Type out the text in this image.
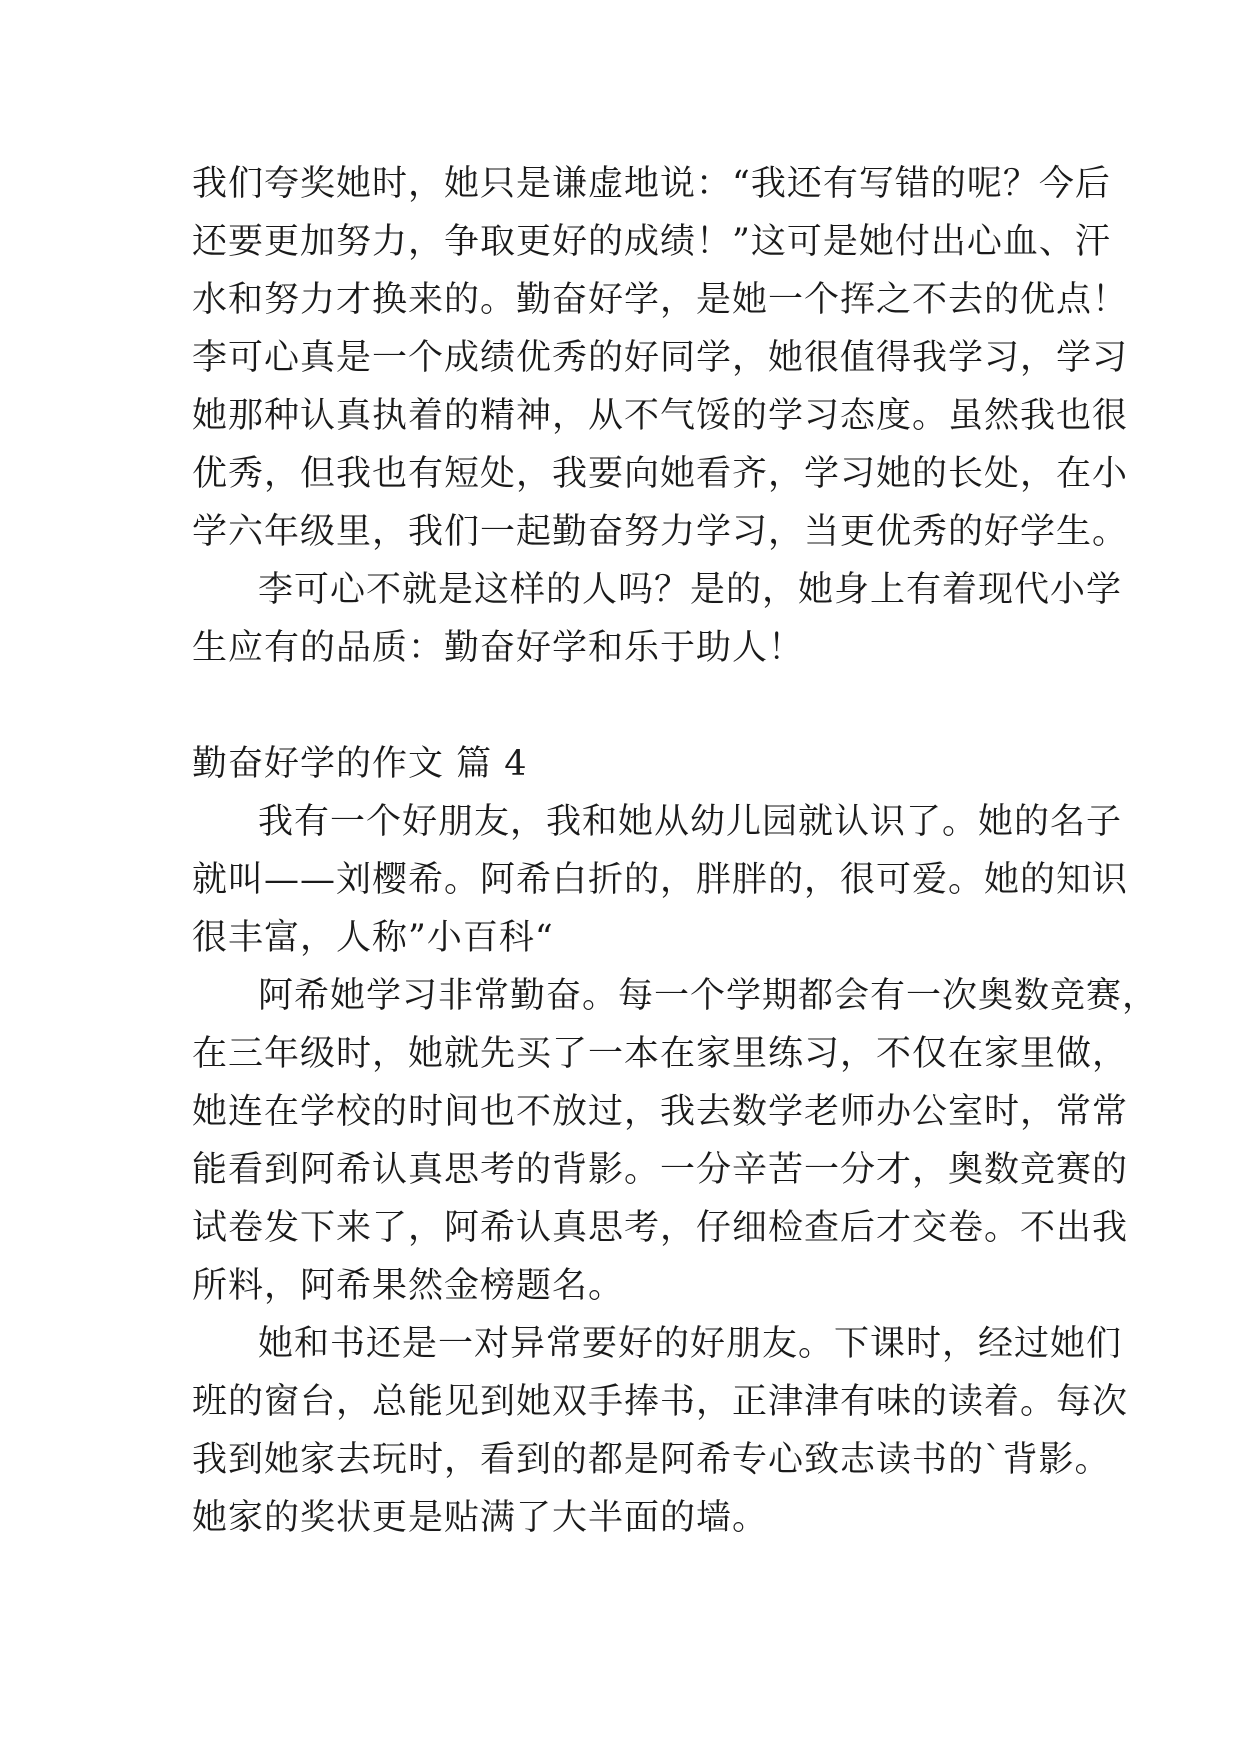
我们夸奖她时，她只是谦虚地说：“我还有写错的呢？今后
还要更加努力，争取更好的成绩！”这可是她付出心血、汗
水和努力才换来的。勤奋好学，是她一个挥之不去的优点！
李可心真是一个成绩优秀的好同学，她很值得我学习，学习
她那种认真执着的精神，从不气馁的学习态度。虽然我也很
优秀，但我也有短处，我要向她看齐，学习她的长处，在小
学六年级里，我们一起勤奋努力学习，当更优秀的好学生。
李可心不就是这样的人吗？是的，她身上有着现代小学
生应有的品质：勤奋好学和乐于助人！
勤奋好学的作文 篇 4
我有一个好朋友，我和她从幼儿园就认识了。她的名子
就叫——刘樱希。阿希白折的，胖胖的，很可爱。她的知识
很丰富，人称”小百科“
阿希她学习非常勤奋。每一个学期都会有一次奥数竞赛，
在三年级时，她就先买了一本在家里练习，不仅在家里做，
她连在学校的时间也不放过，我去数学老师办公室时，常常
能看到阿希认真思考的背影。一分辛苦一分才，奥数竞赛的
试卷发下来了，阿希认真思考，仔细检查后才交卷。不出我
所料，阿希果然金榜题名。
她和书还是一对异常要好的好朋友。下课时，经过她们
班的窗台，总能见到她双手捧书，正津津有味的读着。每次
我到她家去玩时，看到的都是阿希专心致志读书的`背影。
她家的奖状更是贴满了大半面的墙。
